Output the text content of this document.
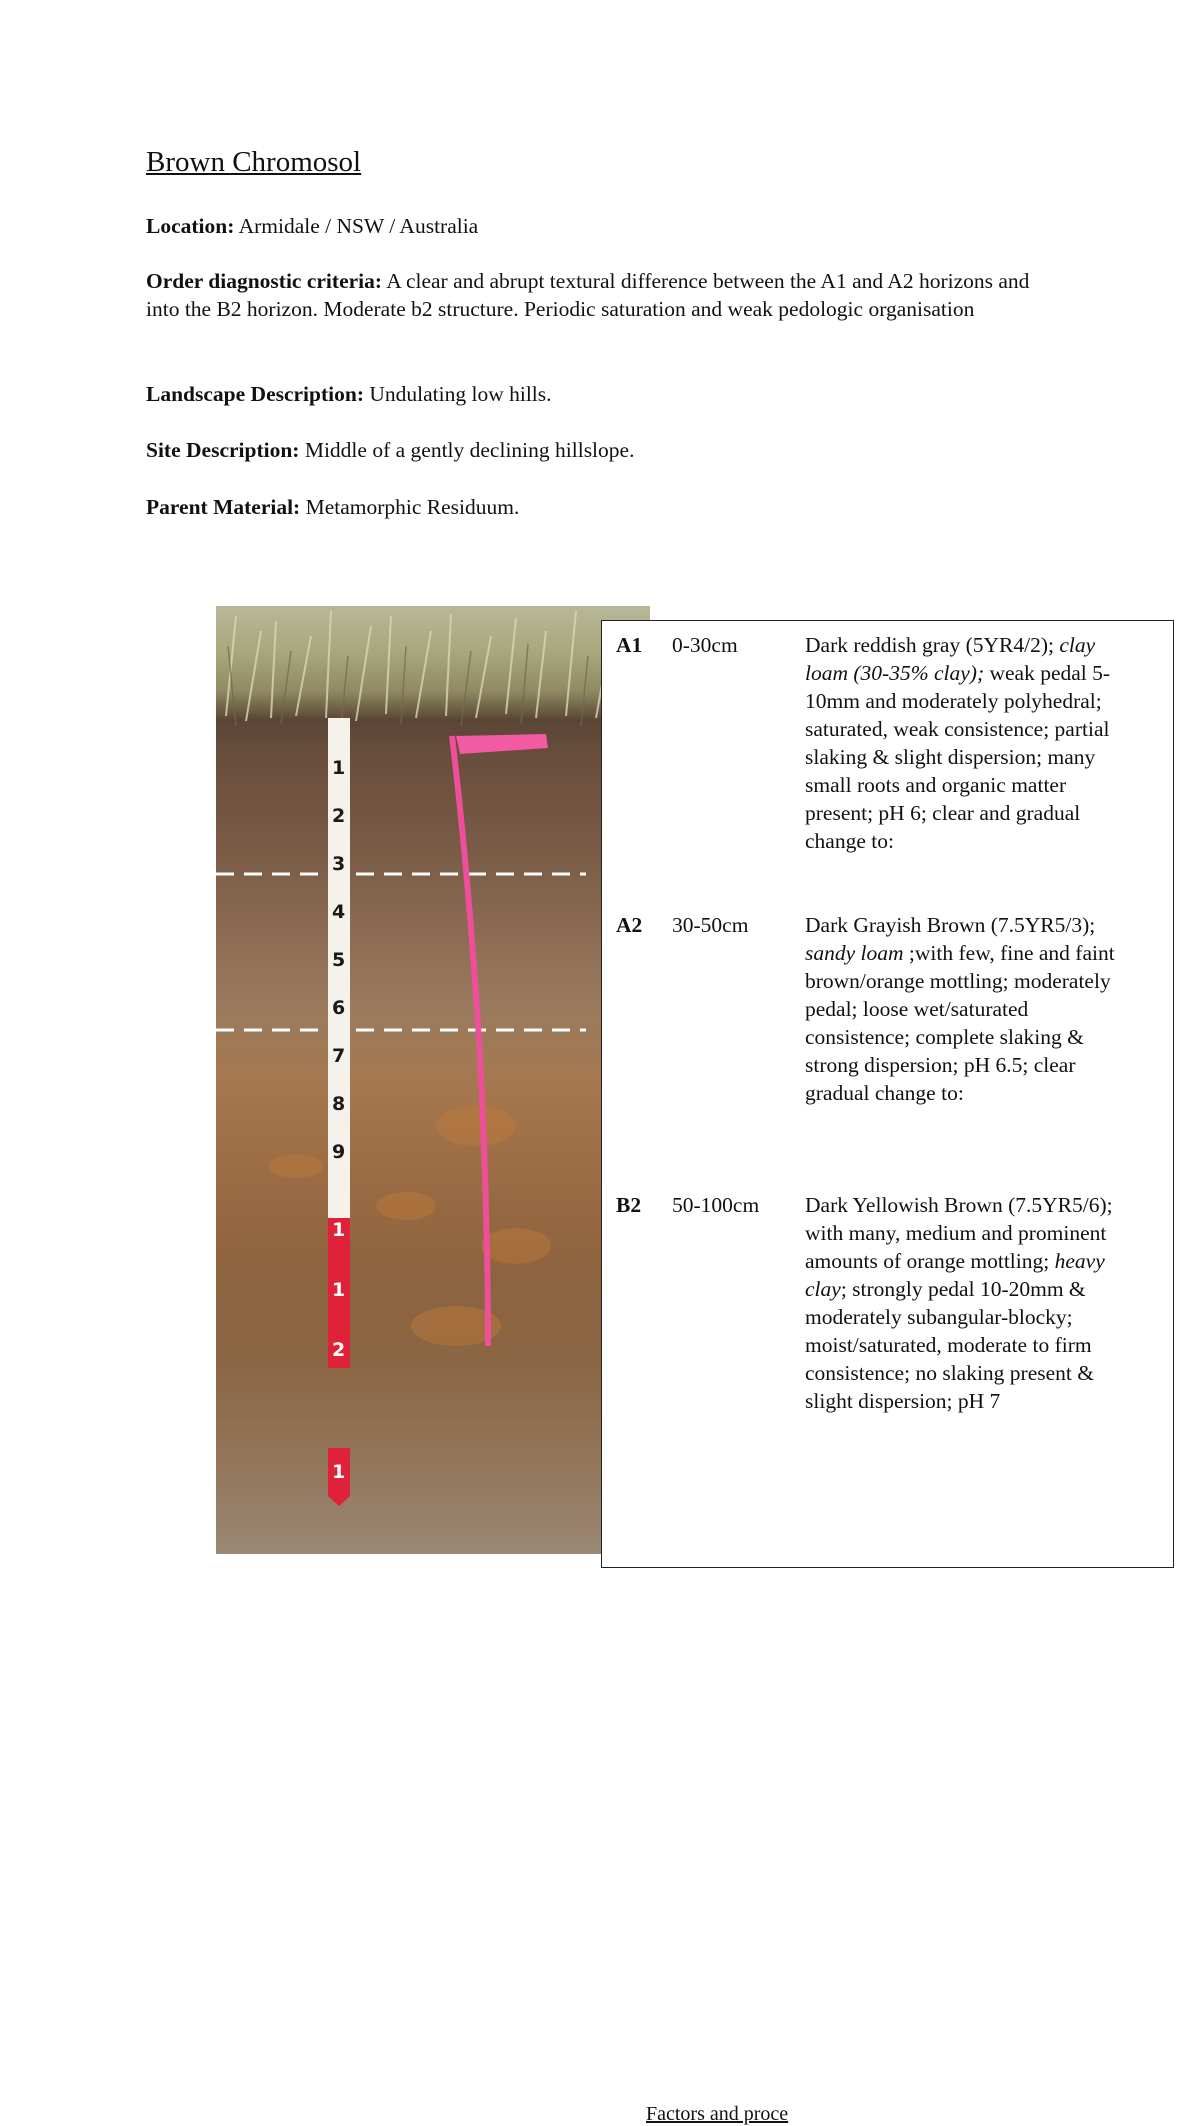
Brown Chromosol

Location: Armidale / NSW / Australia

Order diagnostic criteria: A clear and abrupt textural difference between the A1 and A2 horizons and into the B2 horizon. Moderate b2 structure. Periodic saturation and weak pedologic organisation

Landscape Description: Undulating low hills.

Site Description: Middle of a gently declining hillslope.

Parent Material: Metamorphic Residuum.

1
2
3
4
5
6
7
8
9
1
1
2
1
Factors and proce
A1 0-30cm	Dark reddish gray (5YR4/2); clay loam (30-35% clay); weak pedal 5-10mm and moderately polyhedral; saturated, weak consistence; partial slaking & slight dispersion; many small roots and organic matter present; pH 6; clear and gradual change to:
A2 30-50cm	Dark Grayish Brown (7.5YR5/3); sandy loam ;with few, fine and faint brown/orange mottling; moderately pedal; loose wet/saturated consistence; complete slaking & strong dispersion; pH 6.5; clear gradual change to:
B2 50-100cm Dark Yellowish Brown (7.5YR5/6); with many, medium and prominent amounts of orange mottling; heavy clay; strongly pedal 10-20mm & moderately subangular-blocky; moist/saturated, moderate to firm consistence; no slaking present & slight dispersion; pH 7
